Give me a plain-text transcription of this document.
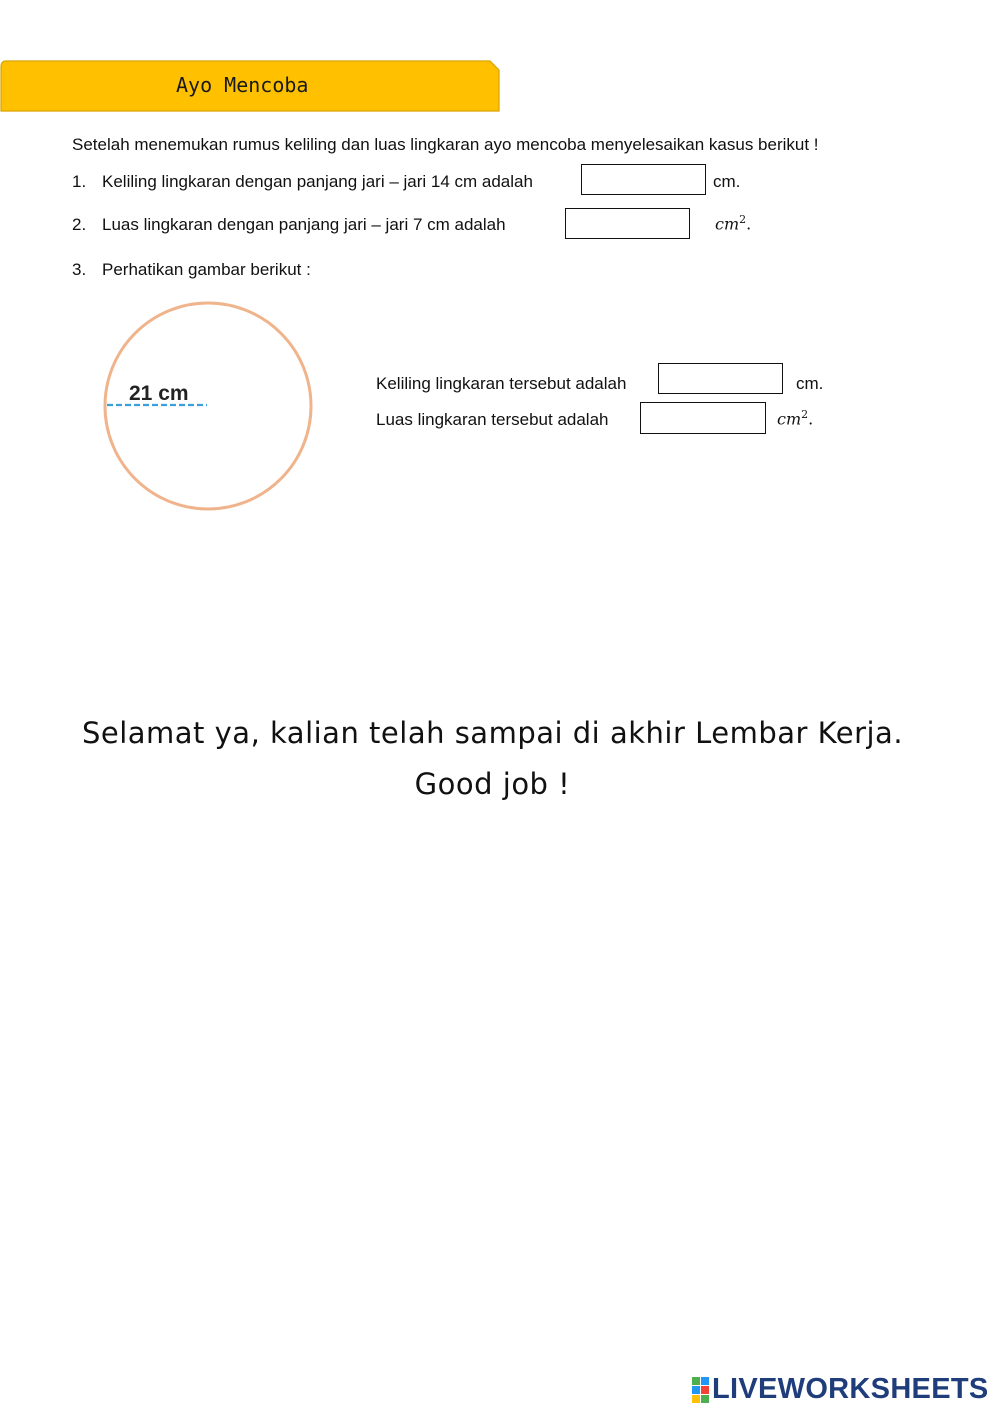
Ayo Mencoba
Setelah menemukan rumus keliling dan luas lingkaran ayo mencoba menyelesaikan kasus berikut !
1. Keliling lingkaran dengan panjang jari – jari 14 cm adalah	cm.
2. Luas lingkaran dengan panjang jari – jari 7 cm adalah	$cm^2$.
3. Perhatikan gambar berikut :
21 cm	Keliling lingkaran tersebut adalah	cm.
Luas lingkaran tersebut adalah	$cm^2$.
Selamat ya, kalian telah sampai di akhir Lembar Kerja.
Good job !
LIVEWORKSHEETS
